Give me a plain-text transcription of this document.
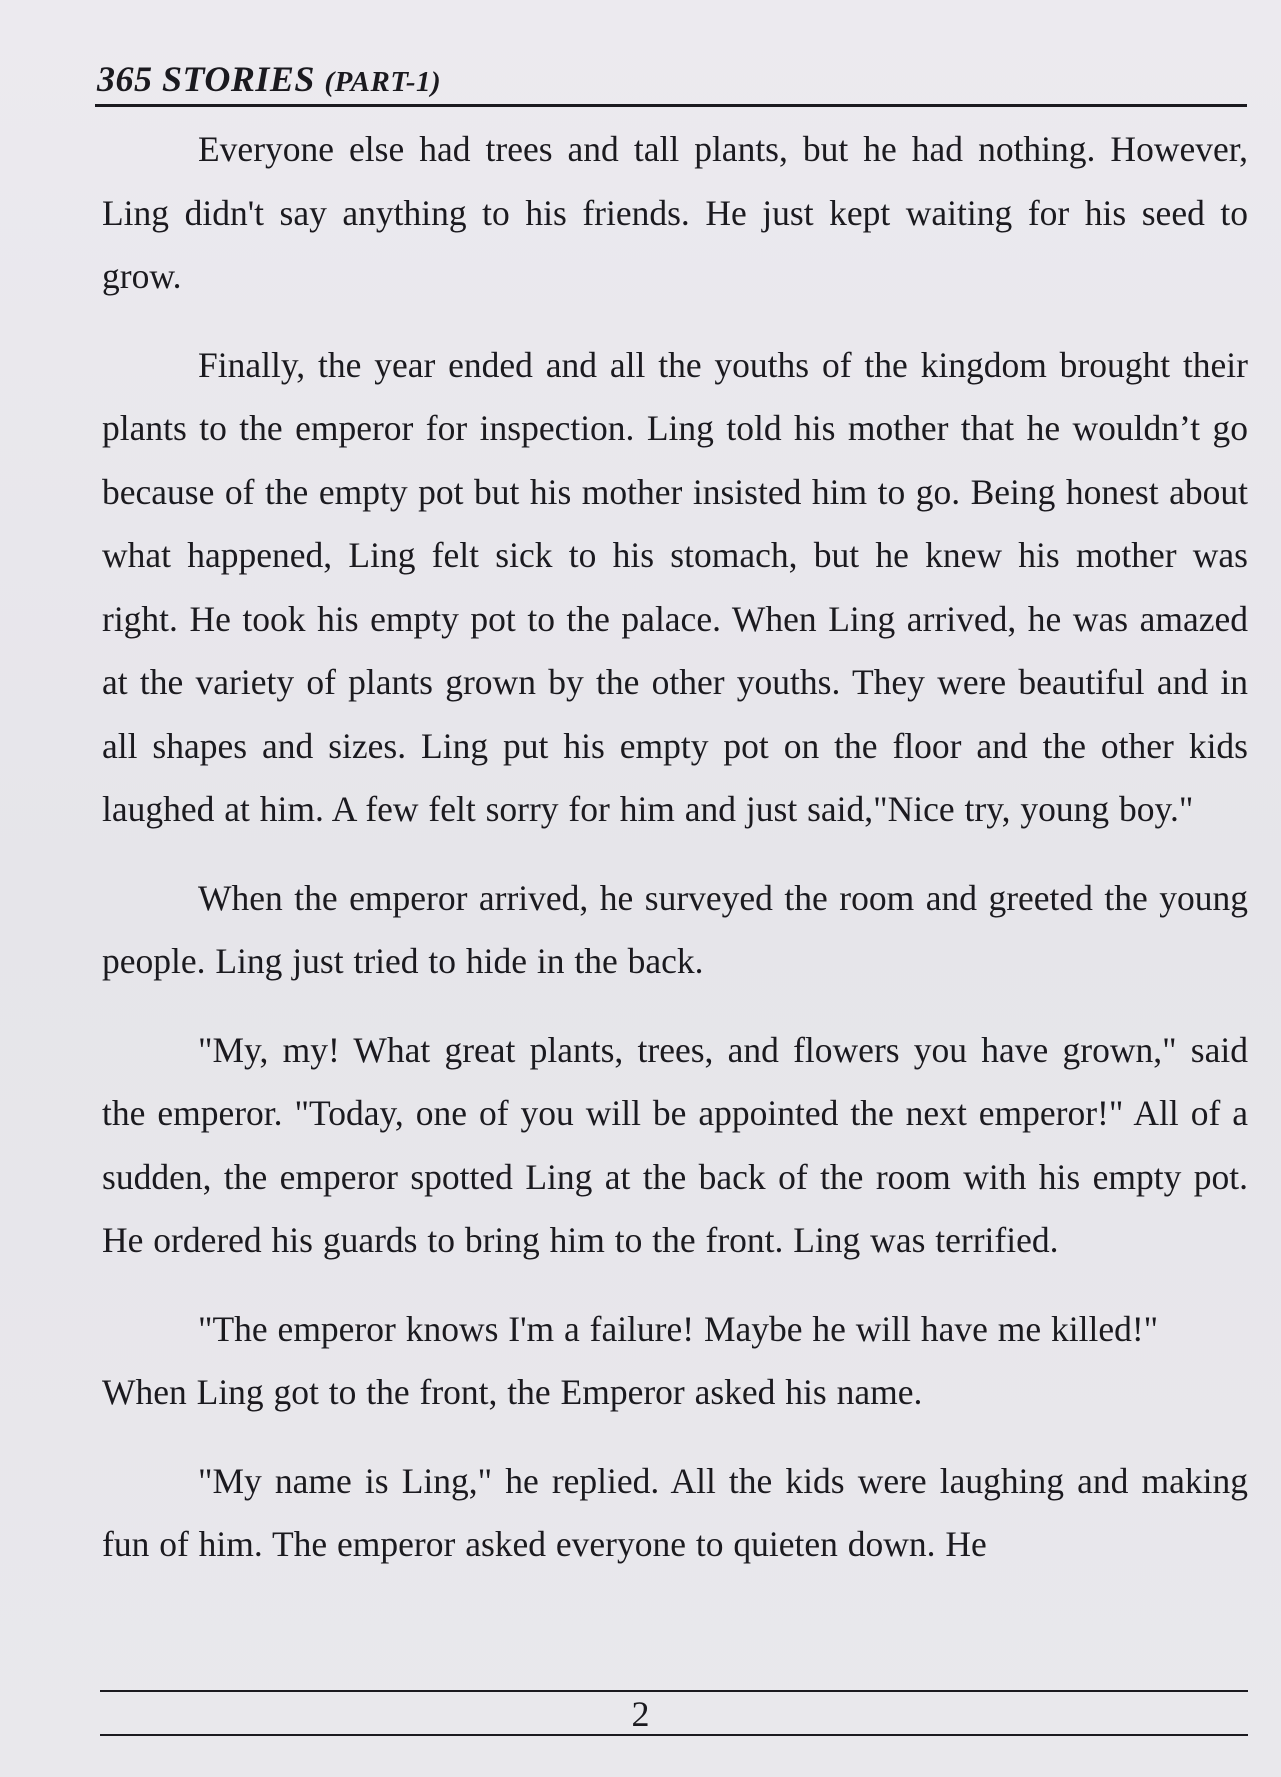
365 STORIES (PART-1)

Everyone else had trees and tall plants, but he had nothing. However, Ling didn't say anything to his friends. He just kept waiting for his seed to grow.

Finally, the year ended and all the youths of the kingdom brought their plants to the emperor for inspection. Ling told his mother that he wouldn’t go because of the empty pot but his mother insisted him to go. Being honest about what happened, Ling felt sick to his stomach, but he knew his mother was right. He took his empty pot to the palace. When Ling arrived, he was amazed at the variety of plants grown by the other youths. They were beautiful and in all shapes and sizes. Ling put his empty pot on the floor and the other kids laughed at him. A few felt sorry for him and just said,"Nice try, young boy."

When the emperor arrived, he surveyed the room and greeted the young people. Ling just tried to hide in the back.

"My, my! What great plants, trees, and flowers you have grown," said the emperor. "Today, one of you will be appointed the next emperor!" All of a sudden, the emperor spotted Ling at the back of the room with his empty pot. He ordered his guards to bring him to the front. Ling was terrified.

"The emperor knows I'm a failure! Maybe he will have me killed!"

When Ling got to the front, the Emperor asked his name.

"My name is Ling," he replied. All the kids were laughing and making fun of him. The emperor asked everyone to quieten down. He

2
